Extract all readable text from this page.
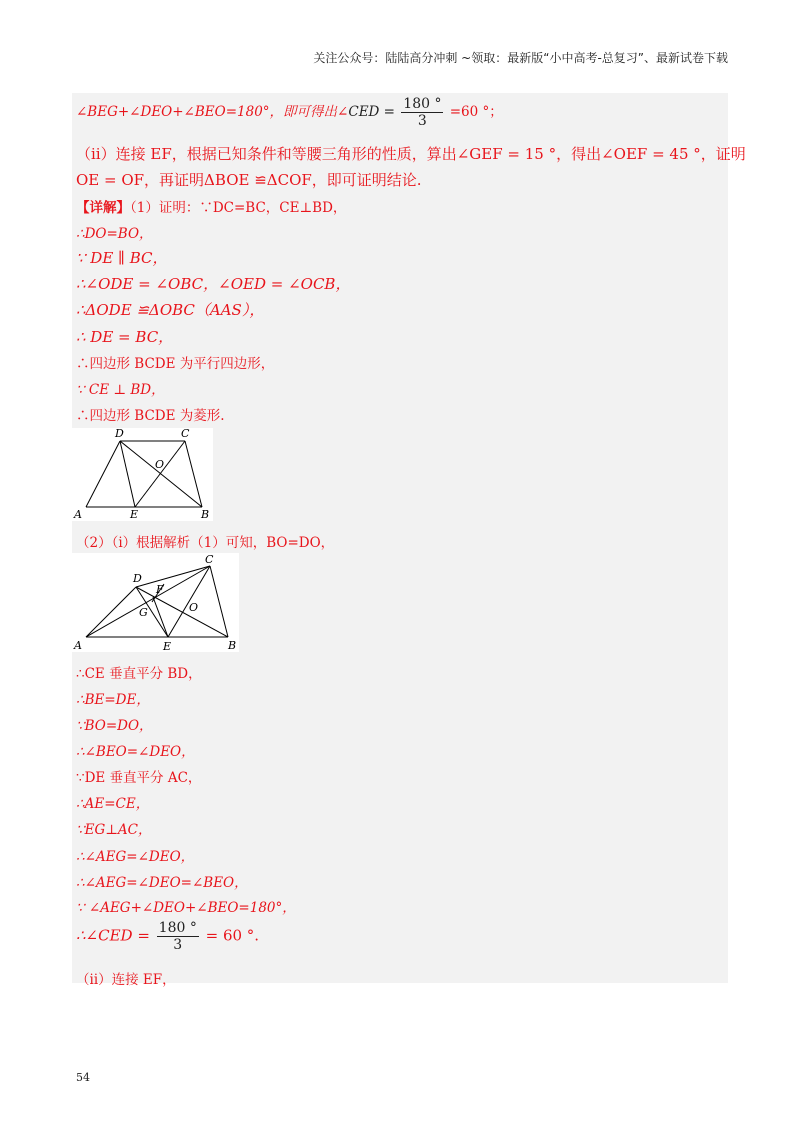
关注公众号：陆陆高分冲刺 ~领取：最新版“小中高考-总复习”、最新试卷下载
∠BEG+∠DEO+∠BEO=180°，即可得出∠CED = $\frac{180 ^\circ}{3} =60$ °；
（ⅱ）连接 EF，根据已知条件和等腰三角形的性质，算出∠GEF = 15 °，得出∠OEF = 45 °，证明
OE = OF，再证明ΔBOE ≌ΔCOF，即可证明结论.
【详解】（1）证明：∵DC=BC，CE⊥BD，
∴DO=BO，
∵ DE ∥ BC，
∴∠ODE = ∠OBC，∠OED = ∠OCB，
∴ΔODE ≌ΔOBC（AAS），
∴ DE = BC，
∴四边形 BCDE 为平行四边形，
∵ CE ⊥ BD，
∴四边形 BCDE 为菱形.
D	C
O
A	E	B
（2）（ⅰ）根据解析（1）可知，BO=DO，
C
D
F
G	O
A	E	B
∴CE 垂直平分 BD，
∴BE=DE，
∵BO=DO，
∴∠BEO=∠DEO，
∵DE 垂直平分 AC，
∴AE=CE，
∵EG⊥AC，
∴∠AEG=∠DEO，
∴∠AEG=∠DEO=∠BEO，
∵ ∠AEG+∠DEO+∠BEO=180°，
∴∠CED = $\frac{180 ^\circ}{3} = 60$ °.
（ⅱ）连接 EF，
54
